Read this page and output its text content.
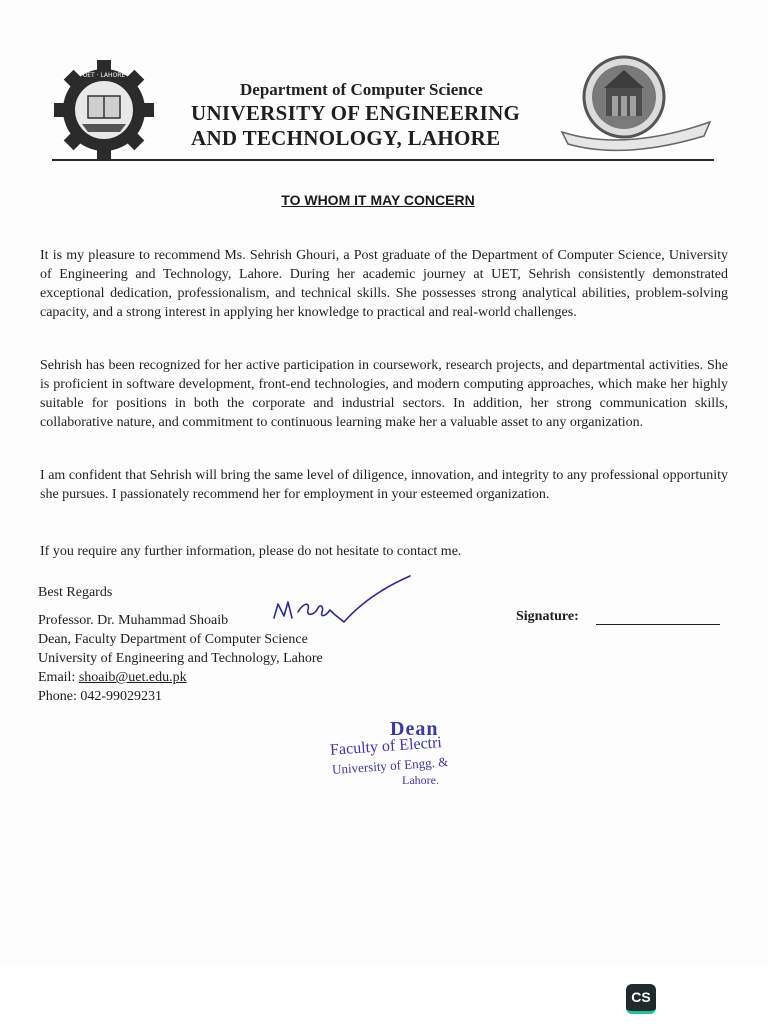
UET · LAHORE
Department of Computer Science
UNIVERSITY OF ENGINEERING
AND TECHNOLOGY, LAHORE
TO WHOM IT MAY CONCERN
It is my pleasure to recommend Ms. Sehrish Ghouri, a Post graduate of the Department of Computer Science, University of Engineering and Technology, Lahore. During her academic journey at UET, Sehrish consistently demonstrated exceptional dedication, professionalism, and technical skills. She possesses strong analytical abilities, problem-solving capacity, and a strong interest in applying her knowledge to practical and real-world challenges.
Sehrish has been recognized for her active participation in coursework, research projects, and departmental activities. She is proficient in software development, front-end technologies, and modern computing approaches, which make her highly suitable for positions in both the corporate and industrial sectors. In addition, her strong communication skills, collaborative nature, and commitment to continuous learning make her a valuable asset to any organization.
I am confident that Sehrish will bring the same level of diligence, innovation, and integrity to any professional opportunity she pursues. I passionately recommend her for employment in your esteemed organization.
If you require any further information, please do not hesitate to contact me.
Best Regards
Professor. Dr. Muhammad Shoaib
Dean, Faculty Department of Computer Science
University of Engineering and Technology, Lahore
Email: shoaib@uet.edu.pk
Phone: 042-99029231
Signature:
Dean
Faculty of Electri
University of Engg. &
Lahore.
CS
